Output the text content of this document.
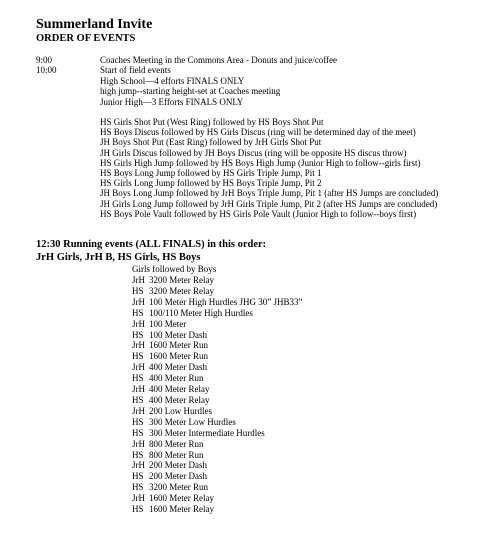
Summerland Invite
ORDER OF EVENTS
9:00	Coaches Meeting in the Commons Area - Donuts and juice/coffee
10:00	Start of field events
High School—4 efforts FINALS ONLY
high jump--starting height-set at Coaches meeting
Junior High—3 Efforts FINALS ONLY
HS Girls Shot Put (West Ring) followed by HS Boys Shot Put
HS Boys Discus followed by HS Girls Discus (ring will be determined day of the meet)
JH Boys Shot Put (East Ring) followed by JrH Girls Shot Put
JH Girls Discus followed by JH Boys Discus (ring will be opposite HS discus throw)
HS Girls High Jump followed by HS Boys High Jump (Junior High to follow--girls first)
HS Boys Long Jump followed by HS Girls Triple Jump, Pit 1
HS Girls Long Jump followed by HS Boys Triple Jump, Pit 2
JH Boys Long Jump followed by JrH Boys Triple Jump, Pit 1 (after HS Jumps are concluded)
JH Girls Long Jump followed by JrH Girls Triple Jump, Pit 2 (after HS Jumps are concluded)
HS Boys Pole Vault followed by HS Girls Pole Vault (Junior High to follow--boys first)
12:30 Running events (ALL FINALS) in this order:
JrH Girls, JrH B, HS Girls, HS Boys
Girls followed by Boys
JrH 3200 Meter Relay
HS 3200 Meter Relay
JrH 100 Meter High Hurdles JHG 30” JHB33”
HS 100/110 Meter High Hurdles
JrH 100 Meter
HS 100 Meter Dash
JrH 1600 Meter Run
HS 1600 Meter Run
JrH 400 Meter Dash
HS 400 Meter Run
JrH 400 Meter Relay
HS 400 Meter Relay
JrH 200 Low Hurdles
HS 300 Meter Low Hurdles
HS 300 Meter Intermediate Hurdles
JrH 800 Meter Run
HS 800 Meter Run
JrH 200 Meter Dash
HS 200 Meter Dash
HS 3200 Meter Run
JrH 1600 Meter Relay
HS 1600 Meter Relay
